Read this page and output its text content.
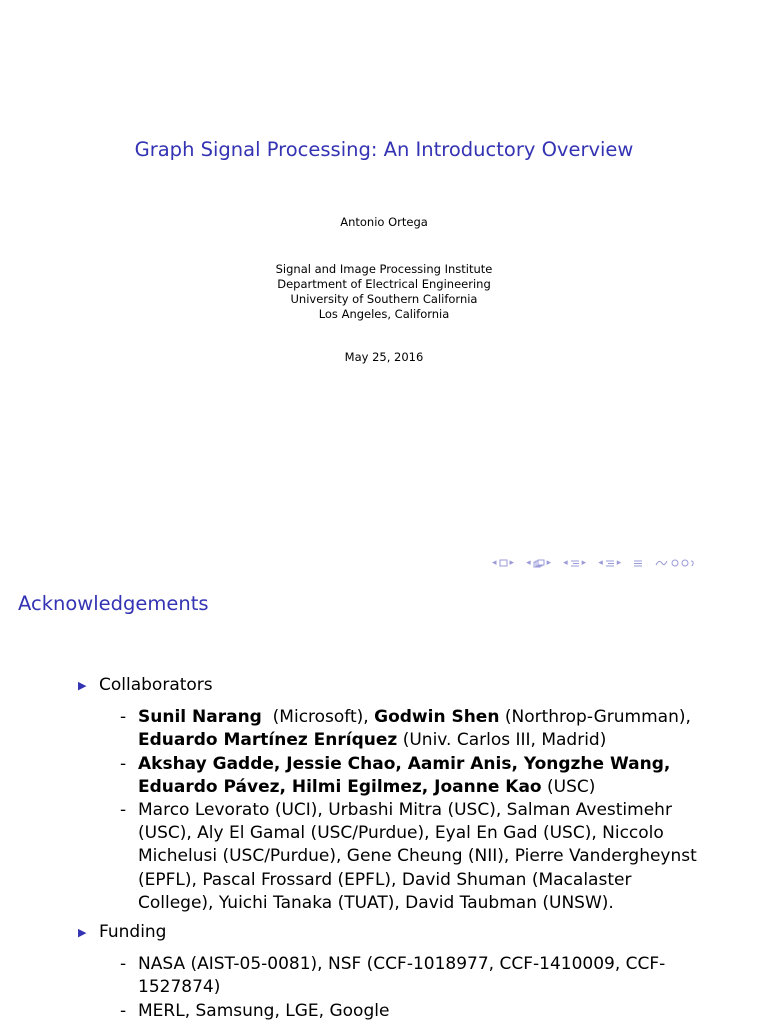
Graph Signal Processing: An Introductory Overview
Antonio Ortega
Signal and Image Processing Institute
Department of Electrical Engineering
University of Southern California
Los Angeles, California
May 25, 2016
◂ ▸ ◂ ▸ ◂ ▸ ◂ ▸
Acknowledgements
▶ Collaborators
- Sunil Narang  (Microsoft), Godwin Shen (Northrop-Grumman),
Eduardo Martínez Enríquez (Univ. Carlos III, Madrid)
- Akshay Gadde, Jessie Chao, Aamir Anis, Yongzhe Wang,
Eduardo Pávez, Hilmi Egilmez, Joanne Kao (USC)
- Marco Levorato (UCI), Urbashi Mitra (USC), Salman Avestimehr (USC), Aly El Gamal (USC/Purdue), Eyal En Gad (USC), Niccolo Michelusi (USC/Purdue), Gene Cheung (NII), Pierre Vandergheynst (EPFL), Pascal Frossard (EPFL), David Shuman (Macalaster College), Yuichi Tanaka (TUAT), David Taubman (UNSW).
▶ Funding
- NASA (AIST-05-0081), NSF (CCF-1018977, CCF-1410009, CCF-1527874)
- MERL, Samsung, LGE, Google
